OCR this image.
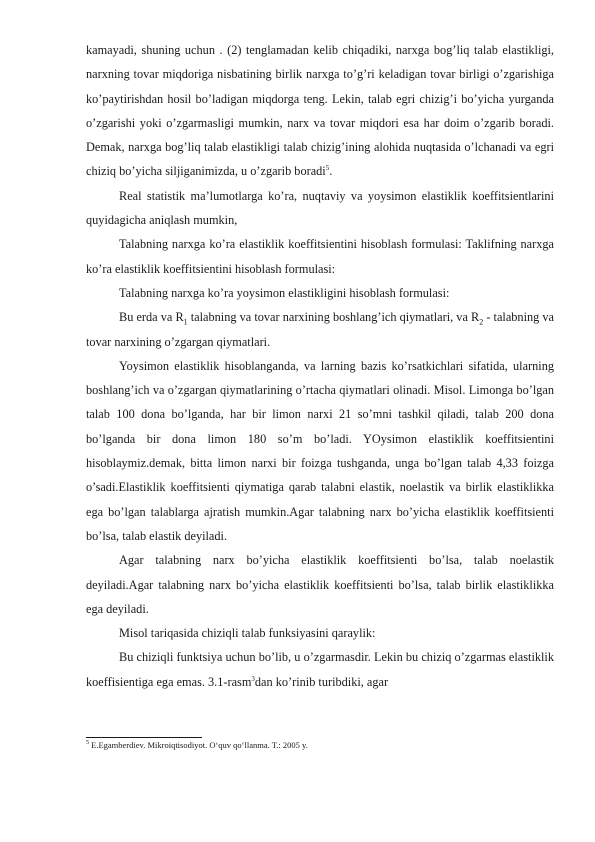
kamayadi, shuning uchun . (2) tenglamadan kelib chiqadiki, narxga bog’liq talab elastikligi, narxning tovar miqdoriga nisbatining birlik narxga to’g’ri keladigan tovar birligi o’zgarishiga ko’paytirishdan hosil bo’ladigan miqdorga teng. Lekin, talab egri chizig’i bo’yicha yurganda o’zgarishi yoki o’zgarmasligi mumkin, narx va tovar miqdori esa har doim o’zgarib boradi. Demak, narxga bog’liq talab elastikligi talab chizig’ining alohida nuqtasida o’lchanadi va egri chiziq bo’yicha siljiganimizda, u o’zgarib boradi$^5$.

Real statistik ma’lumotlarga ko’ra, nuqtaviy va yoysimon elastiklik koeffitsientlarini quyidagicha aniqlash mumkin,

Talabning narxga ko’ra elastiklik koeffitsientini hisoblash formulasi: Taklifning narxga ko’ra elastiklik koeffitsientini hisoblash formulasi:

Talabning narxga ko’ra yoysimon elastikligini hisoblash formulasi:

Bu erda va $R_1$ talabning va tovar narxining boshlang’ich qiymatlari, va $R_2$ - talabning va tovar narxining o’zgargan qiymatlari.

Yoysimon elastiklik hisoblanganda, va larning bazis ko’rsatkichlari sifatida, ularning boshlang’ich va o’zgargan qiymatlarining o’rtacha qiymatlari olinadi. Misol. Limonga bo’lgan talab 100 dona bo’lganda, har bir limon narxi 21 so’mni tashkil qiladi, talab 200 dona bo’lganda bir dona limon 180 so’m bo’ladi. YOysimon elastiklik koeffitsientini hisoblaymiz.demak, bitta limon narxi bir foizga tushganda, unga bo’lgan talab 4,33 foizga o’sadi.Elastiklik koeffitsienti qiymatiga qarab talabni elastik, noelastik va birlik elastiklikka ega bo’lgan talablarga ajratish mumkin.Agar talabning narx bo’yicha elastiklik koeffitsienti bo’lsa, talab elastik deyiladi.

Agar talabning narx bo’yicha elastiklik koeffitsienti bo’lsa, talab noelastik deyiladi.Agar talabning narx bo’yicha elastiklik koeffitsienti bo’lsa, talab birlik elastiklikka ega deyiladi.

Misol tariqasida chiziqli talab funksiyasini qaraylik:

Bu chiziqli funktsiya uchun bo’lib, u o’zgarmasdir. Lekin bu chiziq o’zgarmas elastiklik koeffisientiga ega emas. 3.1-rasm$^3$dan ko’rinib turibdiki, agar

$^5$ E.Egamberdiev. Mikroiqtisodiyot. O‘quv qo‘llanma. T.: 2005 y.
